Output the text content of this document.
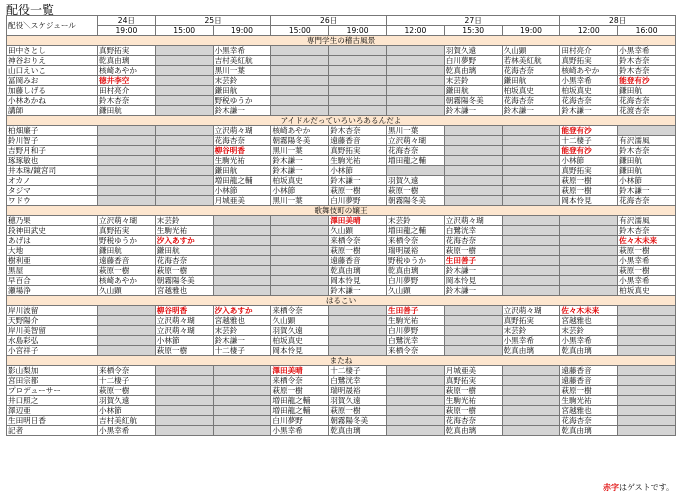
配役一覧
配役＼スケジュール	24日	25日		26日		27日			28日	
	19:00	15:00	19:00	15:00	19:00	12:00	15:30	19:00	12:00	16:00
専門学生の稽古風景										
田中さとし	真野拓実		小黒幸希				羽賀久遠	久山顕	田村亮介	小黒幸希
神谷おりえ	乾真由璃		吉村美紅航				白川夢野	若林美紅航	真野拓実	鈴木杏奈
山口えいこ	核崎あやか		黒川一葉				乾真由璃	花海杏奈	核崎あやか	鈴木杏奈
冨岡みお	徳井李空		末芸鈴				末芸鈴	鎌田航	小黒幸希	能登有沙
加藤しげる	田村亮介		鎌田航				鎌田航	柏坂真史	柏坂真史	鎌田航
小林あかね	鈴木杏奈		野税ゆうか				朝霧陽冬美	花海杏奈	花海杏奈	花海杏奈
講師	鎌田航		鈴木謙一				鈴木謙一	鈴木謙一	鈴木謙一	花渡杏奈
アイドルだっていろいろあるんだよ										
柏畑廉子			立沢萌々瑚	核崎あやか	鈴木杏奈	黒川一葉			能登有沙	
鈴川智子			花海杏奈	朝霧陽冬美	遠藤香音	立沢萌々瑚			十二棲子	有沢濡風
吉野月和子			柳谷明香	黒川一葉	真野拓実	花海杏奈			能登有沙	鈴木杏奈
琢琢敏也			生駒光祐	鈴木謙一	生駒光祐	増田龍之輔			小林節	鎌田航
井本珠/鏡宮司			鎌田航	鈴木謙一	小林節				真野拓実	鎌田航
オカノ			増田龍之輔	柏坂真史	鈴木謙一	羽賀久遠			萩原一樹	小林節
タジマ			小林節	小林節	萩原一樹	萩原一樹			萩原一樹	鈴木謙一
ワドウ			月城亜美	黒川一葉	白川夢野	朝霧陽冬美			岡本怜見	花海杏奈
歌舞伎町の嬢王										
穂乃果	立沢萌々瑚	末芸鈴			澤田美晴	末芸鈴	立沢萌々瑚			有沢濡風
段神田武史	真野拓実	生駒光祐			久山顕	増田龍之輔	白鷺洸幸			鈴木杏奈
あげは	野税ゆうか	汐入あすか			来栖令奈	来栖令奈	花海杏奈			佐々木未来
大地	鎌田航	鎌田航			萩原一樹	瑞明晟裕	萩原一樹			萩原一樹
樹利亜	遠藤香音	花海杏奈			遠藤香音	野税ゆうか	生田善子			小黒幸希
黒屋	萩原一樹	萩原一樹			乾真由璃	乾真由璃	鈴木謙一			萩原一樹
早百合	核崎あやか	朝霧陽冬美			岡本怜見	白川夢野	岡本怜見			小黒幸希
瀬場浄	久山顕	宮越雅也			鈴木謙一	久山顕	鈴木謙一			柏坂真史
はるこい										
岸川波留		柳谷明香	汐入あすか	来栖令奈		生田善子		立沢萌々瑚	佐々木未来	
天野陽介		立沢萌々瑚	宮越雅也	久山顕		生駒光祐		真野拓実	宮越雅也	
岸川美智留		立沢萌々瑚	末芸鈴	羽賀久遠		白川夢野		末芸鈴	末芸鈴	
水島彩弘		小林節	鈴木謙一	柏坂真史		白鷺洸幸		小黒幸希	小黒幸希	
小宮祥子		萩原一樹	十二棲子	岡本怜見		来栖令奈		乾真由璃	乾真由璃	
またね										
影山梨加	来栖令奈			澤田美晴	十二棲子		月城亜美		遠藤香音	
宮田宗都	十二棲子			来栖令奈	白鷺洸幸		真野拓実		遠藤香音	
プロデューサー	萩原一樹			萩原一樹	瑞明晟裕		萩原一樹		萩原一樹	
井口照之	羽賀久遠			増田龍之輔	羽賀久遠		生駒光祐		生駒光祐	
澤辺亜	小林節			増田龍之輔	萩原一樹		萩原一樹		宮越雅也	
生田明日香	吉村美紅航			白川夢野	朝霧陽冬美		花海杏奈		花海杏奈	
記者	小黒幸希			小黒幸希	乾真由璃		乾真由璃		乾真由璃	
赤字はゲストです。
